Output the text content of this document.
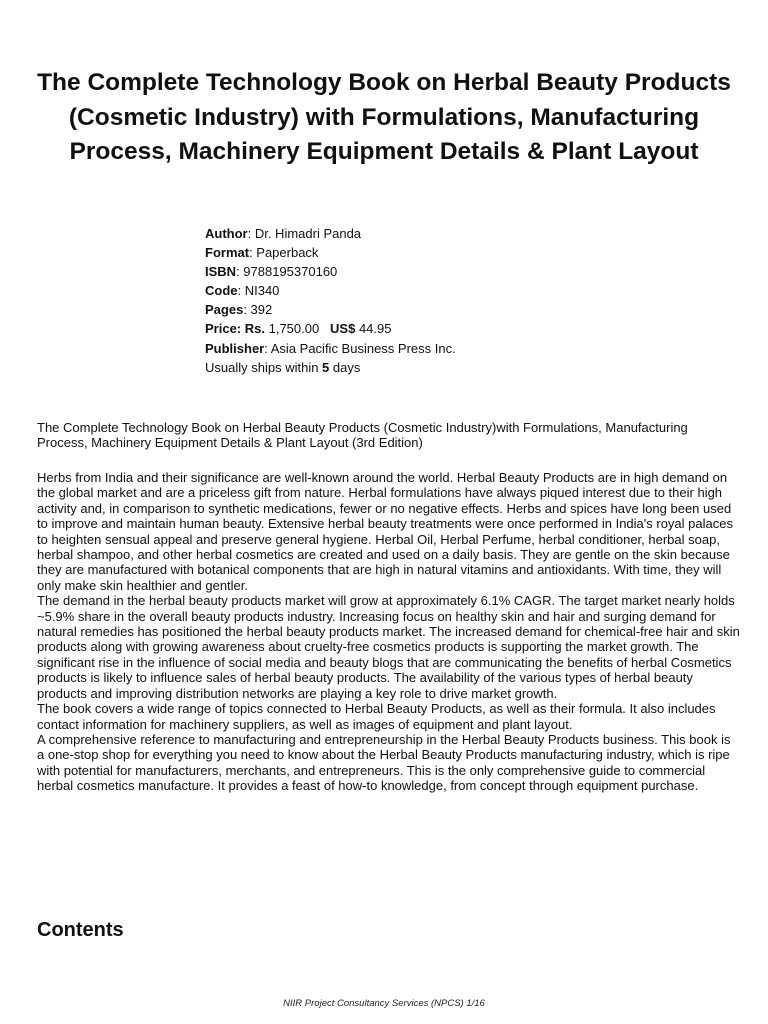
The Complete Technology Book on Herbal Beauty Products (Cosmetic Industry) with Formulations, Manufacturing Process, Machinery Equipment Details & Plant Layout
Author: Dr. Himadri Panda
Format: Paperback
ISBN: 9788195370160
Code: NI340
Pages: 392
Price: Rs. 1,750.00 US$ 44.95
Publisher: Asia Pacific Business Press Inc.
Usually ships within 5 days

The Complete Technology Book on Herbal Beauty Products (Cosmetic Industry)with Formulations, Manufacturing Process, Machinery Equipment Details & Plant Layout (3rd Edition)

Herbs from India and their significance are well-known around the world. Herbal Beauty Products are in high demand on the global market and are a priceless gift from nature. Herbal formulations have always piqued interest due to their high activity and, in comparison to synthetic medications, fewer or no negative effects. Herbs and spices have long been used to improve and maintain human beauty. Extensive herbal beauty treatments were once performed in India's royal palaces to heighten sensual appeal and preserve general hygiene. Herbal Oil, Herbal Perfume, herbal conditioner, herbal soap, herbal shampoo, and other herbal cosmetics are created and used on a daily basis. They are gentle on the skin because they are manufactured with botanical components that are high in natural vitamins and antioxidants. With time, they will only make skin healthier and gentler.

The demand in the herbal beauty products market will grow at approximately 6.1% CAGR. The target market nearly holds ~5.9% share in the overall beauty products industry. Increasing focus on healthy skin and hair and surging demand for natural remedies has positioned the herbal beauty products market. The increased demand for chemical-free hair and skin products along with growing awareness about cruelty-free cosmetics products is supporting the market growth. The significant rise in the influence of social media and beauty blogs that are communicating the benefits of herbal Cosmetics products is likely to influence sales of herbal beauty products. The availability of the various types of herbal beauty products and improving distribution networks are playing a key role to drive market growth.

The book covers a wide range of topics connected to Herbal Beauty Products, as well as their formula. It also includes contact information for machinery suppliers, as well as images of equipment and plant layout.

A comprehensive reference to manufacturing and entrepreneurship in the Herbal Beauty Products business. This book is a one-stop shop for everything you need to know about the Herbal Beauty Products manufacturing industry, which is ripe with potential for manufacturers, merchants, and entrepreneurs. This is the only comprehensive guide to commercial herbal cosmetics manufacture. It provides a feast of how-to knowledge, from concept through equipment purchase.

Contents
NIIR Project Consultancy Services (NPCS) 1/16
